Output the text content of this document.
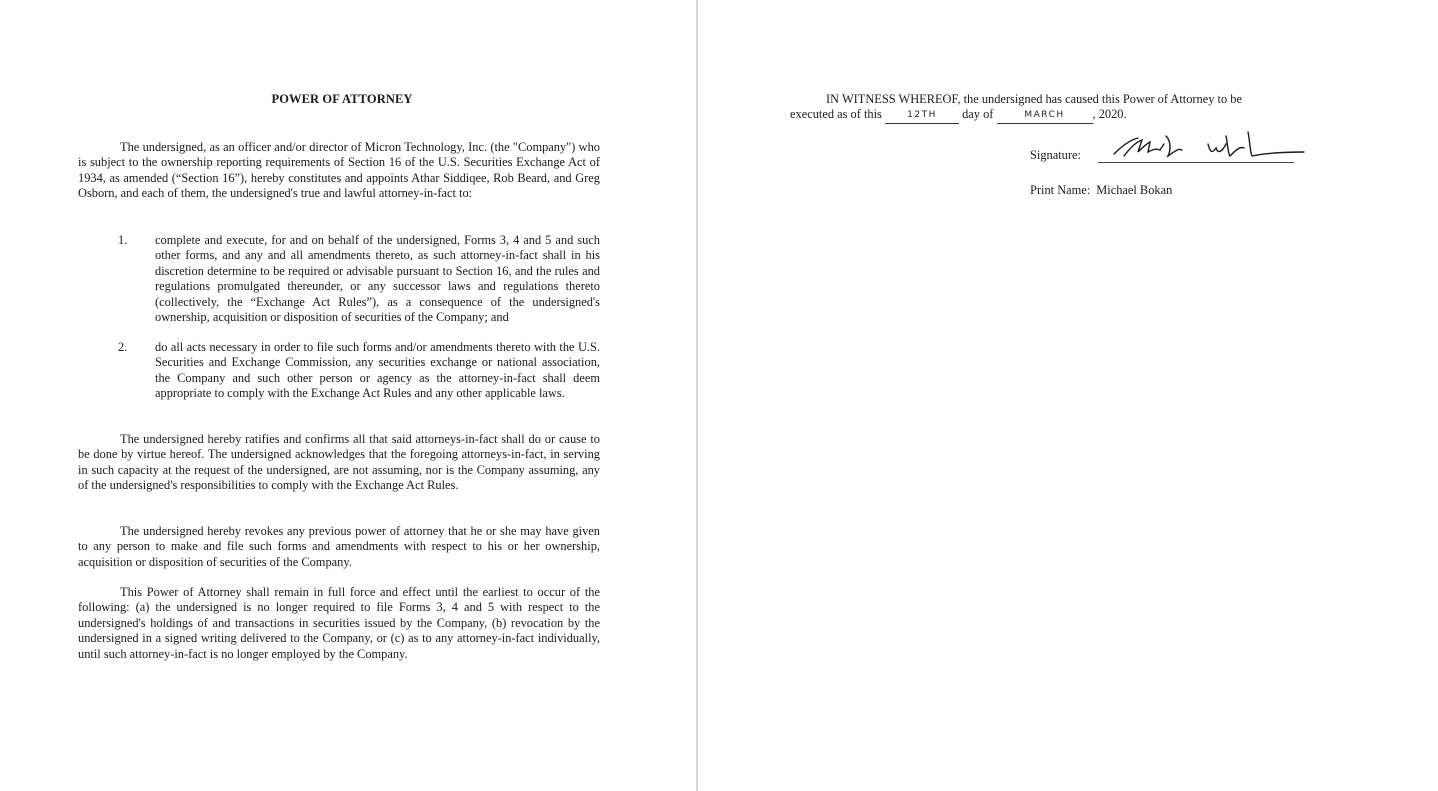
POWER OF ATTORNEY

The undersigned, as an officer and/or director of Micron Technology, Inc. (the "Company") who is subject to the ownership reporting requirements of Section 16 of the U.S. Securities Exchange Act of 1934, as amended (“Section 16”), hereby constitutes and appoints Athar Siddiqee, Rob Beard, and Greg Osborn, and each of them, the undersigned's true and lawful attorney-in-fact to:

1.	complete and execute, for and on behalf of the undersigned, Forms 3, 4 and 5 and such other forms, and any and all amendments thereto, as such attorney-in-fact shall in his discretion determine to be required or advisable pursuant to Section 16, and the rules and regulations promulgated thereunder, or any successor laws and regulations thereto (collectively, the “Exchange Act Rules”), as a consequence of the undersigned's ownership, acquisition or disposition of securities of the Company; and
2.	do all acts necessary in order to file such forms and/or amendments thereto with the U.S. Securities and Exchange Commission, any securities exchange or national association, the Company and such other person or agency as the attorney-in-fact shall deem appropriate to comply with the Exchange Act Rules and any other applicable laws.

The undersigned hereby ratifies and confirms all that said attorneys-in-fact shall do or cause to be done by virtue hereof. The undersigned acknowledges that the foregoing attorneys-in-fact, in serving in such capacity at the request of the undersigned, are not assuming, nor is the Company assuming, any of the undersigned's responsibilities to comply with the Exchange Act Rules.

The undersigned hereby revokes any previous power of attorney that he or she may have given to any person to make and file such forms and amendments with respect to his or her ownership, acquisition or disposition of securities of the Company.

This Power of Attorney shall remain in full force and effect until the earliest to occur of the following: (a) the undersigned is no longer required to file Forms 3, 4 and 5 with respect to the undersigned's holdings of and transactions in securities issued by the Company, (b) revocation by the undersigned in a signed writing delivered to the Company, or (c) as to any attorney-in-fact individually, until such attorney-in-fact is no longer employed by the Company.

IN WITNESS WHEREOF, the undersigned has caused this Power of Attorney to be
executed as of this	12TH day of	MARCH , 2020.
Signature:
Print Name: Michael Bokan
